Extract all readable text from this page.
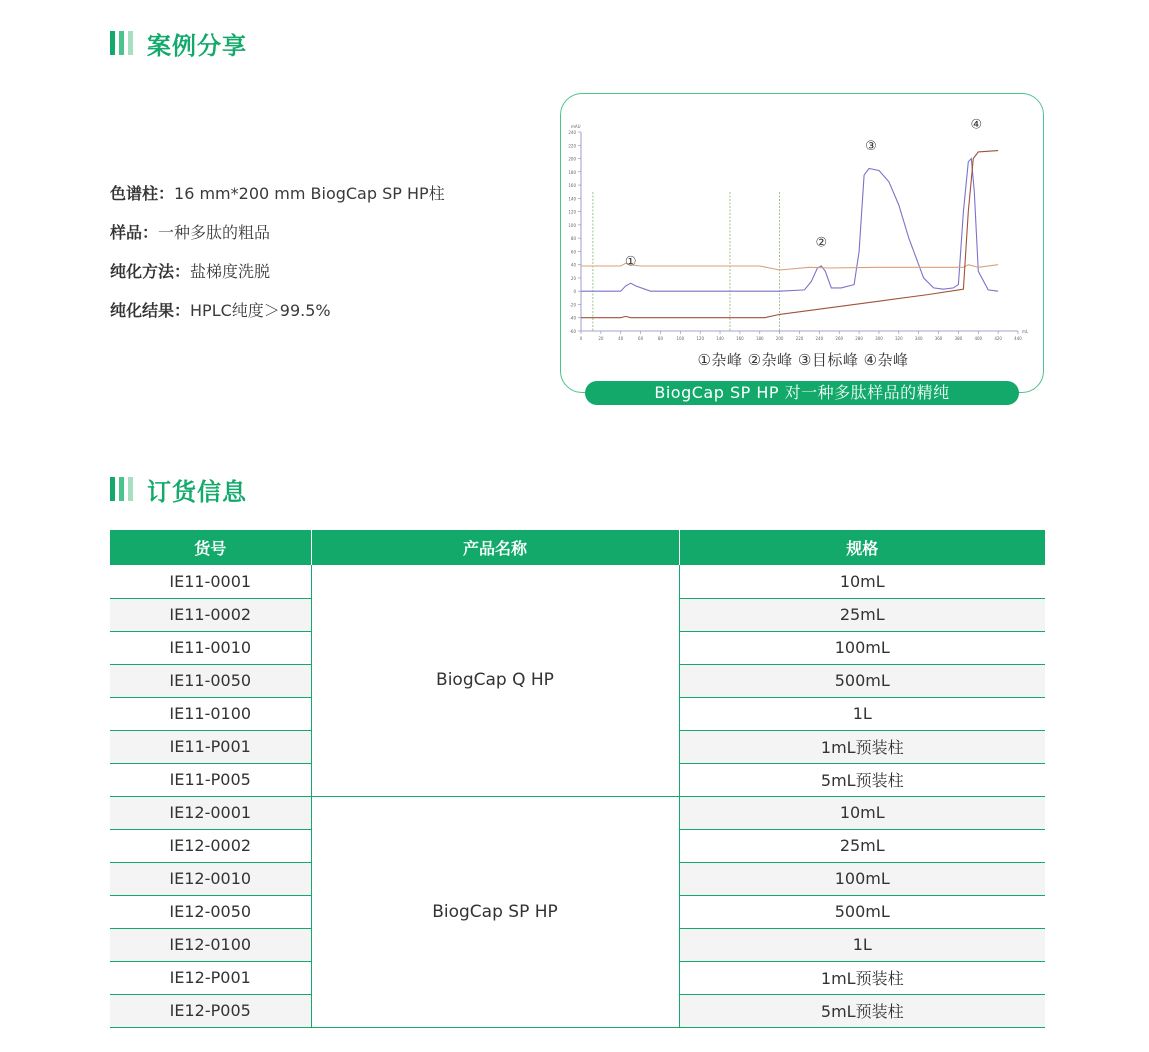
案例分享
色谱柱：16 mm*200 mm BiogCap SP HP柱
样品：一种多肽的粗品
纯化方法：盐梯度洗脱
纯化结果：HPLC纯度＞99.5%
-60
-40
-20
0
20
40
60
80
100
120
140
160
180
200
220
240
0	20	40	60	80	100	120	140	160	180	200	220	240	260	280	300	320	340	360	380	400	420	440
mL
mAU
①
②
③
④
①杂峰 ②杂峰 ③目标峰 ④杂峰
BiogCap SP HP 对一种多肽样品的精纯
订货信息
货号	产品名称	规格
IE11-0001	BiogCap Q HP	10mL
IE11-0002		25mL
IE11-0010		100mL
IE11-0050		500mL
IE11-0100		1L
IE11-P001		1mL预装柱
IE11-P005		5mL预装柱
IE12-0001	BiogCap SP HP	10mL
IE12-0002		25mL
IE12-0010		100mL
IE12-0050		500mL
IE12-0100		1L
IE12-P001		1mL预装柱
IE12-P005		5mL预装柱
